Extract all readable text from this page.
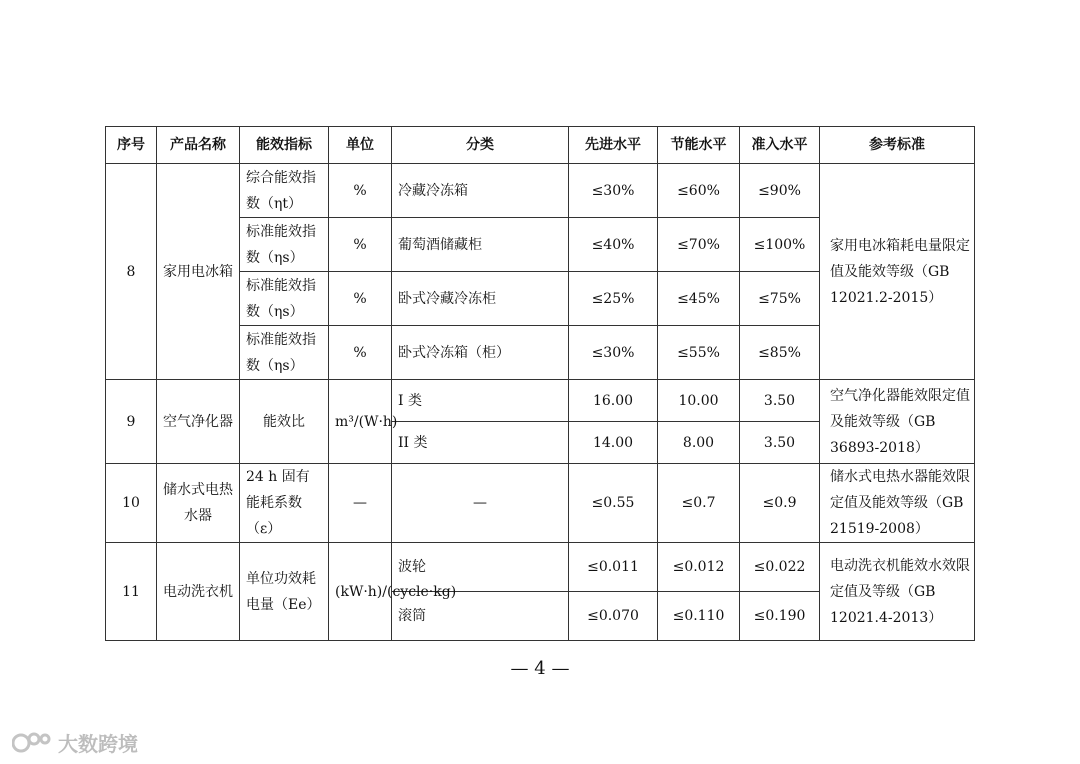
序号	产品名称	能效指标	单位	分类	先进水平	节能水平	准入水平	参考标准
8	家用电冰箱	综合能效指数（ηt）	%	冷藏冷冻箱	≤30%	≤60%	≤90%	家用电冰箱耗电量限定值及能效等级（GB 12021.2-2015）
		标准能效指数（ηs）	%	葡萄酒储藏柜	≤40%	≤70%	≤100%	
		标准能效指数（ηs）	%	卧式冷藏冷冻柜	≤25%	≤45%	≤75%	
		标准能效指数（ηs）	%	卧式冷冻箱（柜）	≤30%	≤55%	≤85%	
9	空气净化器	能效比	m³/(W·h)	I 类	16.00	10.00	3.50	空气净化器能效限定值及能效等级（GB 36893-2018）
				II 类	14.00	8.00	3.50	
10	储水式电热水器	24 h 固有能耗系数（ε）	—	—	≤0.55	≤0.7	≤0.9	储水式电热水器能效限定值及能效等级（GB 21519-2008）
11	电动洗衣机	单位功效耗电量（Ee）	(kW·h)/(cycle·kg)	波轮	≤0.011	≤0.012	≤0.022	电动洗衣机能效水效限定值及等级（GB 12021.4-2013）
				滚筒	≤0.070	≤0.110	≤0.190	
— 4 —
大数跨境
